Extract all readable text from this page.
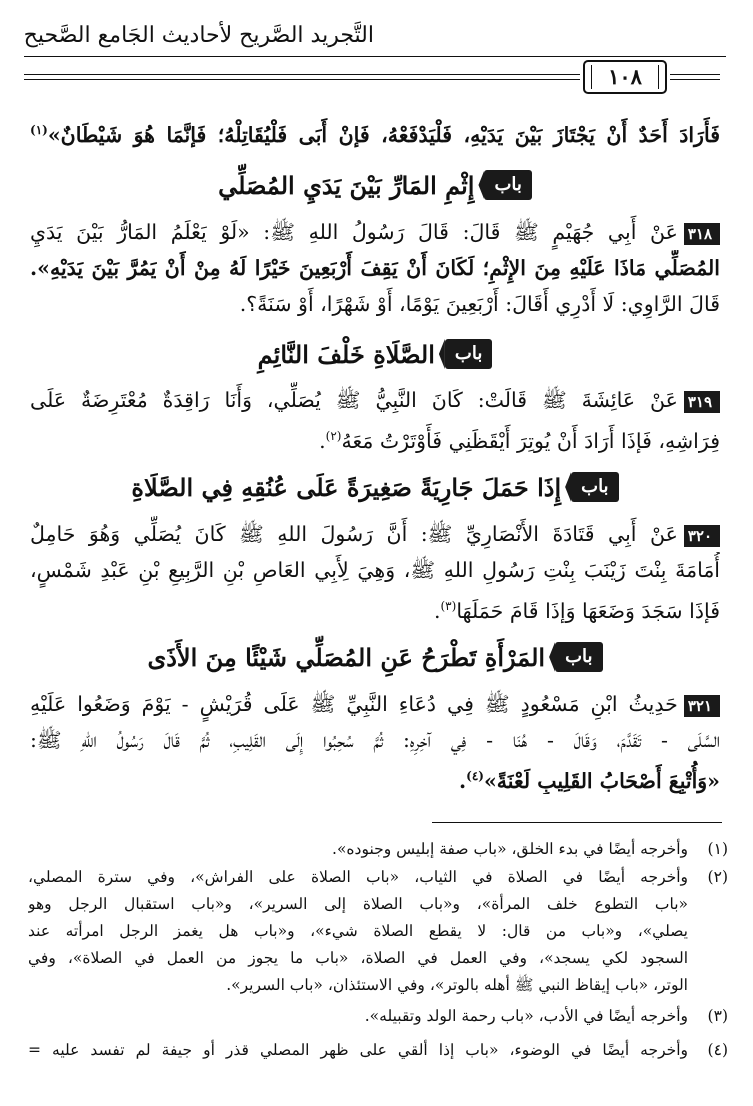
التَّجريد الصَّريح لأحاديث الجَامع الصَّحيح
١٠٨
فَأَرَادَ أَحَدٌ أَنْ يَجْتَازَ بَيْنَ يَدَيْهِ، فَلْيَدْفَعْهُ، فَإِنْ أَبَى فَلْيُقَاتِلْهُ؛ فَإِنَّمَا هُوَ شَيْطَانٌ»$^{(١)}$
باب
إِثْمِ المَارِّ بَيْنَ يَدَيِ المُصَلِّي
٣١٨عَنْ أَبِي جُهَيْمٍ ﷺ قَالَ: قَالَ رَسُولُ اللهِ ﷺ: «لَوْ يَعْلَمُ المَارُّ بَيْنَ يَدَيِ
المُصَلِّي مَاذَا عَلَيْهِ مِنَ الإِثْمِ؛ لَكَانَ أَنْ يَقِفَ أَرْبَعِينَ خَيْرًا لَهُ مِنْ أَنْ يَمُرَّ بَيْنَ يَدَيْهِ».
قَالَ الرَّاوِي: لَا أَدْرِي أَقَالَ: أَرْبَعِينَ يَوْمًا، أَوْ شَهْرًا، أَوْ سَنَةً؟.
باب
الصَّلَاةِ خَلْفَ النَّائِمِ
٣١٩عَنْ عَائِشَةَ ﷺ قَالَتْ: كَانَ النَّبِيُّ ﷺ يُصَلِّي، وَأَنَا رَاقِدَةٌ مُعْتَرِضَةٌ عَلَى
فِرَاشِهِ، فَإِذَا أَرَادَ أَنْ يُوتِرَ أَيْقَظَنِي فَأَوْتَرْتُ مَعَهُ$^{(٢)}$.
باب
إِذَا حَمَلَ جَارِيَةً صَغِيرَةً عَلَى عُنُقِهِ فِي الصَّلَاةِ
٣٢٠عَنْ أَبِي قَتَادَةَ الأَنْصَارِيِّ ﷺ: أَنَّ رَسُولَ اللهِ ﷺ كَانَ يُصَلِّي وَهُوَ حَامِلٌ
أُمَامَةَ بِنْتَ زَيْنَبَ بِنْتِ رَسُولِ اللهِ ﷺ، وَهِيَ لِأَبِي العَاصِ بْنِ الرَّبِيعِ بْنِ عَبْدِ شَمْسٍ،
فَإِذَا سَجَدَ وَضَعَهَا وَإِذَا قَامَ حَمَلَهَا$^{(٣)}$.
باب
المَرْأَةِ تَطْرَحُ عَنِ المُصَلِّي شَيْئًا مِنَ الأَذَى
٣٢١حَدِيثُ ابْنِ مَسْعُودٍ ﷺ فِي دُعَاءِ النَّبِيِّ ﷺ عَلَى قُرَيْشٍ - يَوْمَ وَضَعُوا عَلَيْهِ
السَّلَى - تَقَدَّمَ، وَقَالَ - هُنَا - فِي آخِرِهِ: ثُمَّ سُحِبُوا إِلَى القَلِيبِ، ثُمَّ قَالَ رَسُولُ اللهِ ﷺ:
«وَأُتْبِعَ أَصْحَابُ القَلِيبِ لَعْنَةً»$^{(٤)}$.
(١)
وأخرجه أيضًا في بدء الخلق، «باب صفة إبليس وجنوده».
(٢)
وأخرجه أيضًا في الصلاة في الثياب، «باب الصلاة على الفراش»، وفي سترة المصلي،
«باب التطوع خلف المرأة»، و«باب الصلاة إلى السرير»، و«باب استقبال الرجل وهو
يصلي»، و«باب من قال: لا يقطع الصلاة شيء»، و«باب هل يغمز الرجل امرأته عند
السجود لكي يسجد»، وفي العمل في الصلاة، «باب ما يجوز من العمل في الصلاة»، وفي
الوتر، «باب إيقاظ النبي ﷺ أهله بالوتر»، وفي الاستئذان، «باب السرير».
(٣)
وأخرجه أيضًا في الأدب، «باب رحمة الولد وتقبيله».
(٤)
وأخرجه أيضًا في الوضوء، «باب إذا ألقي على ظهر المصلي قذر أو جيفة لم تفسد عليه =
